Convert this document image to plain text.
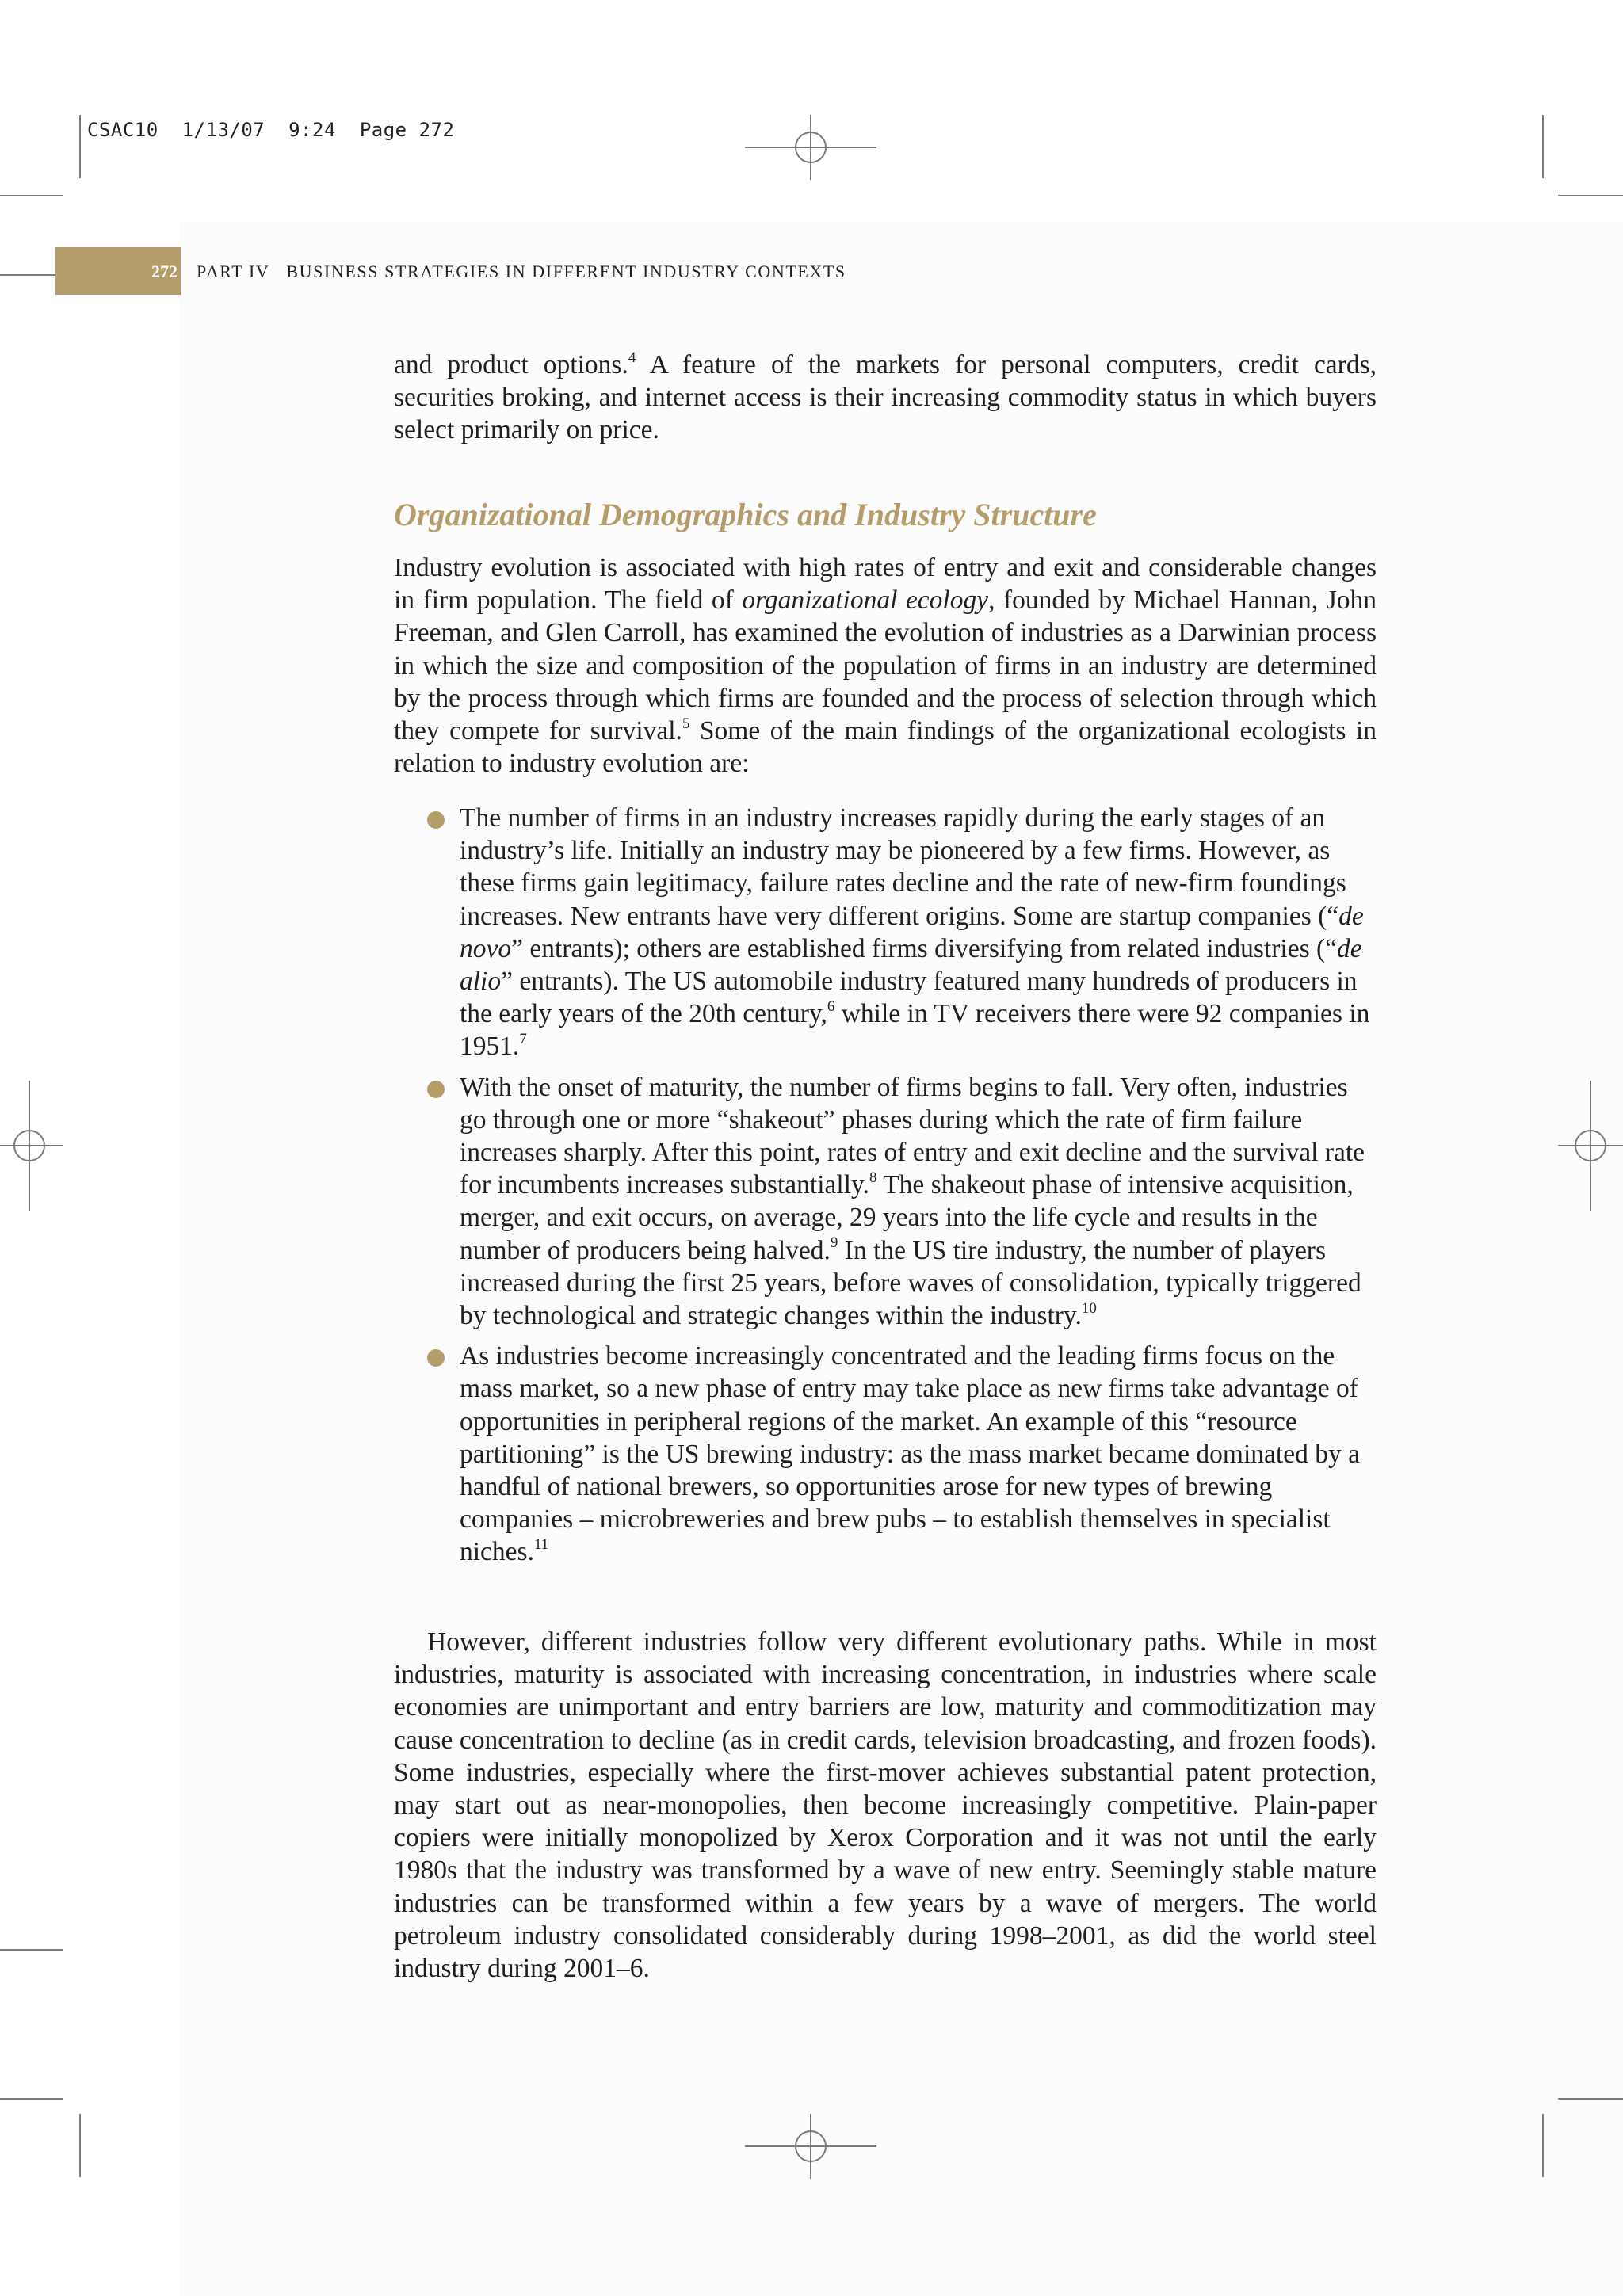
CSAC10  1/13/07  9:24  Page 272
272 PART IV   BUSINESS STRATEGIES IN DIFFERENT INDUSTRY CONTEXTS

and product options.$^4$ A feature of the markets for personal computers, credit cards, securities broking, and internet access is their increasing commodity status in which buyers select primarily on price.

Organizational Demographics and Industry Structure

Industry evolution is associated with high rates of entry and exit and considerable changes in firm population. The field of organizational ecology, founded by Michael Hannan, John Freeman, and Glen Carroll, has examined the evolution of industries as a Darwinian process in which the size and composition of the population of firms in an industry are determined by the process through which firms are founded and the process of selection through which they compete for survival.$^5$ Some of the main findings of the organizational ecologists in relation to industry evolution are:

The number of firms in an industry increases rapidly during the early stages of an industry’s life. Initially an industry may be pioneered by a few firms. However, as these firms gain legitimacy, failure rates decline and the rate of new-firm foundings increases. New entrants have very different origins. Some are startup companies (“de novo” entrants); others are established firms diversifying from related industries (“de alio” entrants). The US automobile industry featured many hundreds of producers in the early years of the 20th century,$^6$ while in TV receivers there were 92 companies in 1951.$^7$
With the onset of maturity, the number of firms begins to fall. Very often, industries go through one or more “shakeout” phases during which the rate of firm failure increases sharply. After this point, rates of entry and exit decline and the survival rate for incumbents increases substantially.$^8$ The shakeout phase of intensive acquisition, merger, and exit occurs, on average, 29 years into the life cycle and results in the number of producers being halved.$^9$ In the US tire industry, the number of players increased during the first 25 years, before waves of consolidation, typically triggered by technological and strategic changes within the industry.$^{10}$
As industries become increasingly concentrated and the leading firms focus on the mass market, so a new phase of entry may take place as new firms take advantage of opportunities in peripheral regions of the market. An example of this “resource partitioning” is the US brewing industry: as the mass market became dominated by a handful of national brewers, so opportunities arose for new types of brewing companies – microbreweries and brew pubs – to establish themselves in specialist niches.$^{11}$

However, different industries follow very different evolutionary paths. While in most industries, maturity is associated with increasing concentration, in industries where scale economies are unimportant and entry barriers are low, maturity and commoditization may cause concentration to decline (as in credit cards, television broadcasting, and frozen foods). Some industries, especially where the first-mover achieves substantial patent protection, may start out as near-monopolies, then become increasingly competitive. Plain-paper copiers were initially monopolized by Xerox Corporation and it was not until the early 1980s that the industry was transformed by a wave of new entry. Seemingly stable mature industries can be transformed within a few years by a wave of mergers. The world petroleum industry consolidated considerably during 1998–2001, as did the world steel industry during 2001–6.
